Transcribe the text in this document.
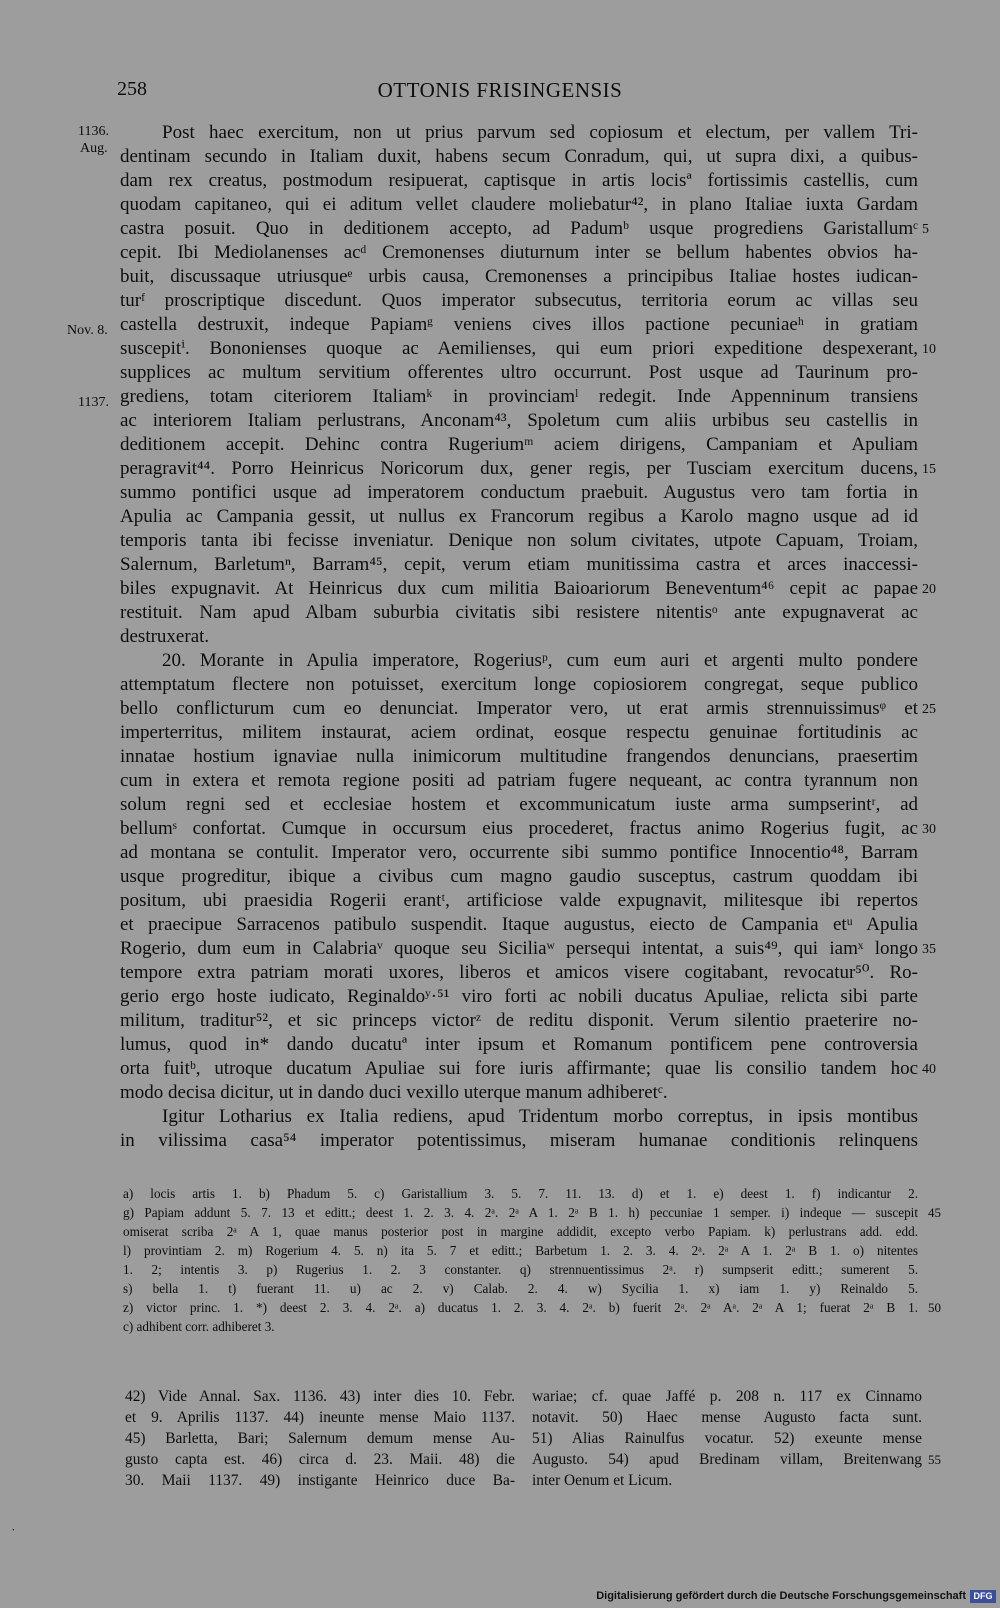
258	OTTONIS FRISINGENSIS
1136.
Aug.
Nov. 8.
1137.
Post haec exercitum, non ut prius parvum sed copiosum et electum, per vallem Tri-
dentinam secundo in Italiam duxit, habens secum Conradum, qui, ut supra dixi, a quibus-
dam rex creatus, postmodum resipuerat, captisque in artis locisª fortissimis castellis, cum
quodam capitaneo, qui ei aditum vellet claudere moliebatur⁴², in plano Italiae iuxta Gardam
castra posuit. Quo in deditionem accepto, ad Padumᵇ usque progrediens Garistallumᶜ
cepit. Ibi Mediolanenses acᵈ Cremonenses diuturnum inter se bellum habentes obvios ha-
buit, discussaque utriusqueᵉ urbis causa, Cremonenses a principibus Italiae hostes iudican-
turᶠ proscriptique discedunt. Quos imperator subsecutus, territoria eorum ac villas seu
castella destruxit, indeque Papiamᵍ veniens cives illos pactione pecuniaeʰ in gratiam
suscepitⁱ. Bononienses quoque ac Aemilienses, qui eum priori expeditione despexerant,
supplices ac multum servitium offerentes ultro occurrunt. Post usque ad Taurinum pro-
grediens, totam citeriorem Italiamᵏ in provinciamˡ redegit. Inde Appenninum transiens
ac interiorem Italiam perlustrans, Anconam⁴³, Spoletum cum aliis urbibus seu castellis in
deditionem accepit. Dehinc contra Rugeriumᵐ aciem dirigens, Campaniam et Apuliam
peragravit⁴⁴. Porro Heinricus Noricorum dux, gener regis, per Tusciam exercitum ducens,
summo pontifici usque ad imperatorem conductum praebuit. Augustus vero tam fortia in
Apulia ac Campania gessit, ut nullus ex Francorum regibus a Karolo magno usque ad id
temporis tanta ibi fecisse inveniatur. Denique non solum civitates, utpote Capuam, Troiam,
Salernum, Barletumⁿ, Barram⁴⁵, cepit, verum etiam munitissima castra et arces inaccessi-
biles expugnavit. At Heinricus dux cum militia Baioariorum Beneventum⁴⁶ cepit ac papae
restituit. Nam apud Albam suburbia civitatis sibi resistere nitentisᵒ ante expugnaverat ac
destruxerat.
20. Morante in Apulia imperatore, Rogeriusᵖ, cum eum auri et argenti multo pondere
attemptatum flectere non potuisset, exercitum longe copiosiorem congregat, seque publico
bello conflicturum cum eo denunciat. Imperator vero, ut erat armis strennuissimusᵠ et
imperterritus, militem instaurat, aciem ordinat, eosque respectu genuinae fortitudinis ac
innatae hostium ignaviae nulla inimicorum multitudine frangendos denuncians, praesertim
cum in extera et remota regione positi ad patriam fugere nequeant, ac contra tyrannum non
solum regni sed et ecclesiae hostem et excommunicatum iuste arma sumpserintʳ, ad
bellumˢ confortat. Cumque in occursum eius procederet, fractus animo Rogerius fugit, ac
ad montana se contulit. Imperator vero, occurrente sibi summo pontifice Innocentio⁴⁸, Barram
usque progreditur, ibique a civibus cum magno gaudio susceptus, castrum quoddam ibi
positum, ubi praesidia Rogerii erantᵗ, artificiose valde expugnavit, militesque ibi repertos
et praecipue Sarracenos patibulo suspendit. Itaque augustus, eiecto de Campania etᵘ Apulia
Rogerio, dum eum in Calabriaᵛ quoque seu Siciliaʷ persequi intentat, a suis⁴⁹, qui iamˣ longo
tempore extra patriam morati uxores, liberos et amicos visere cogitabant, revocatur⁵⁰. Ro-
gerio ergo hoste iudicato, Reginaldoʸ·⁵¹ viro forti ac nobili ducatus Apuliae, relicta sibi parte
militum, traditur⁵², et sic princeps victorᶻ de reditu disponit. Verum silentio praeterire no-
lumus, quod in* dando ducatuª inter ipsum et Romanum pontificem pene controversia
orta fuitᵇ, utroque ducatum Apuliae sui fore iuris affirmante; quae lis consilio tandem hoc
modo decisa dicitur, ut in dando duci vexillo uterque manum adhiberetᶜ.
Igitur Lotharius ex Italia rediens, apud Tridentum morbo correptus, in ipsis montibus
in vilissima casa⁵⁴ imperator potentissimus, miseram humanae conditionis relinquens
5
10
15
20
25
30
35
40
a) locis artis 1. b) Phadum 5. c) Garistallium 3. 5. 7. 11. 13. d) et 1. e) deest 1. f) indicantur 2.
g) Papiam addunt 5. 7. 13 et editt.; deest 1. 2. 3. 4. 2ᵃ. 2ᵃ A 1. 2ᵃ B 1. h) peccuniae 1 semper. i) indeque — suscepit
omiserat scriba 2ᵃ A 1, quae manus posterior post in margine addidit, excepto verbo Papiam. k) perlustrans add. edd.
l) provintiam 2. m) Rogerium 4. 5. n) ita 5. 7 et editt.; Barbetum 1. 2. 3. 4. 2ᵃ. 2ᵃ A 1. 2ᵃ B 1. o) nitentes
1. 2; intentis 3. p) Rugerius 1. 2. 3 constanter. q) strennuentissimus 2ᵃ. r) sumpserit editt.; sumerent 5.
s) bella 1. t) fuerant 11. u) ac 2. v) Calab. 2. 4. w) Sycilia 1. x) iam 1. y) Reinaldo 5.
z) victor princ. 1. *) deest 2. 3. 4. 2ᵃ. a) ducatus 1. 2. 3. 4. 2ᵃ. b) fuerit 2ᵃ. 2ᵃ Aᵃ. 2ᵃ A 1; fuerat 2ᵃ B 1.
c) adhibent corr. adhiberet 3.
45
50
42) Vide Annal. Sax. 1136. 43) inter dies 10. Febr.
et 9. Aprilis 1137. 44) ineunte mense Maio 1137.
45) Barletta, Bari; Salernum demum mense Au-
gusto capta est. 46) circa d. 23. Maii. 48) die
30. Maii 1137. 49) instigante Heinrico duce Ba-
wariae; cf. quae Jaffé p. 208 n. 117 ex Cinnamo
notavit. 50) Haec mense Augusto facta sunt.
51) Alias Rainulfus vocatur. 52) exeunte mense
Augusto. 54) apud Bredinam villam, Breitenwang
inter Oenum et Licum.
55
˙
Digitalisierung gefördert durch die Deutsche Forschungsgemeinschaft DFG
